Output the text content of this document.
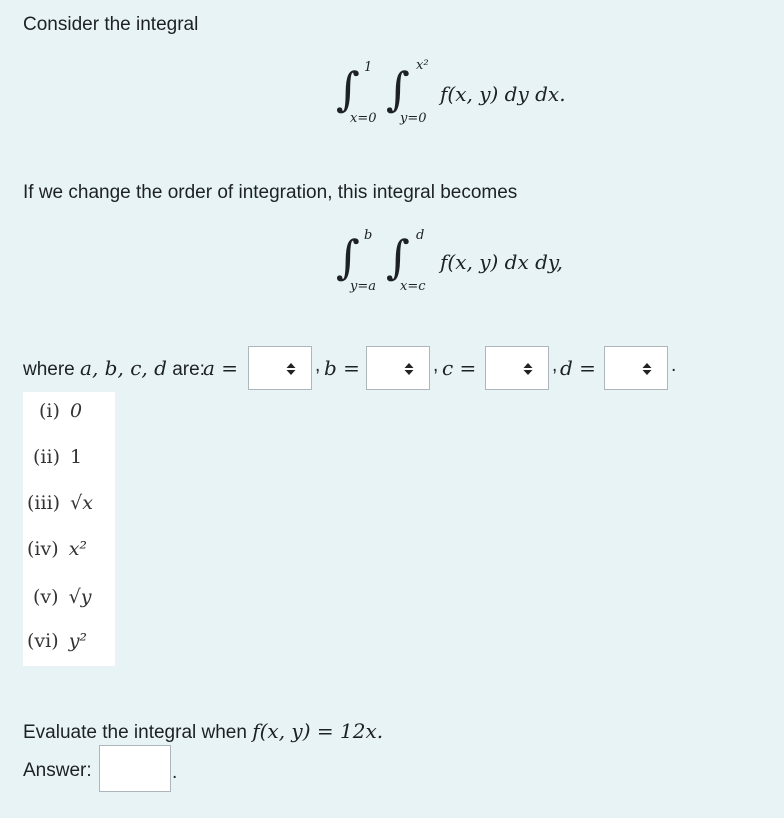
Consider the integral
∫ 1
x=0
∫ x²
y=0
f(x, y) dy dx.
If we change the order of integration, this integral becomes
∫ b
y=a
∫ d
x=c
f(x, y) dx dy,
where a, b, c, d are:
a =	, b =	, c =	, d =	.
(i) 0
(ii) 1
(iii) √x
(iv) x²
(v) √y
(vi) y²
Evaluate the integral when f(x, y) = 12x.
Answer:	.
